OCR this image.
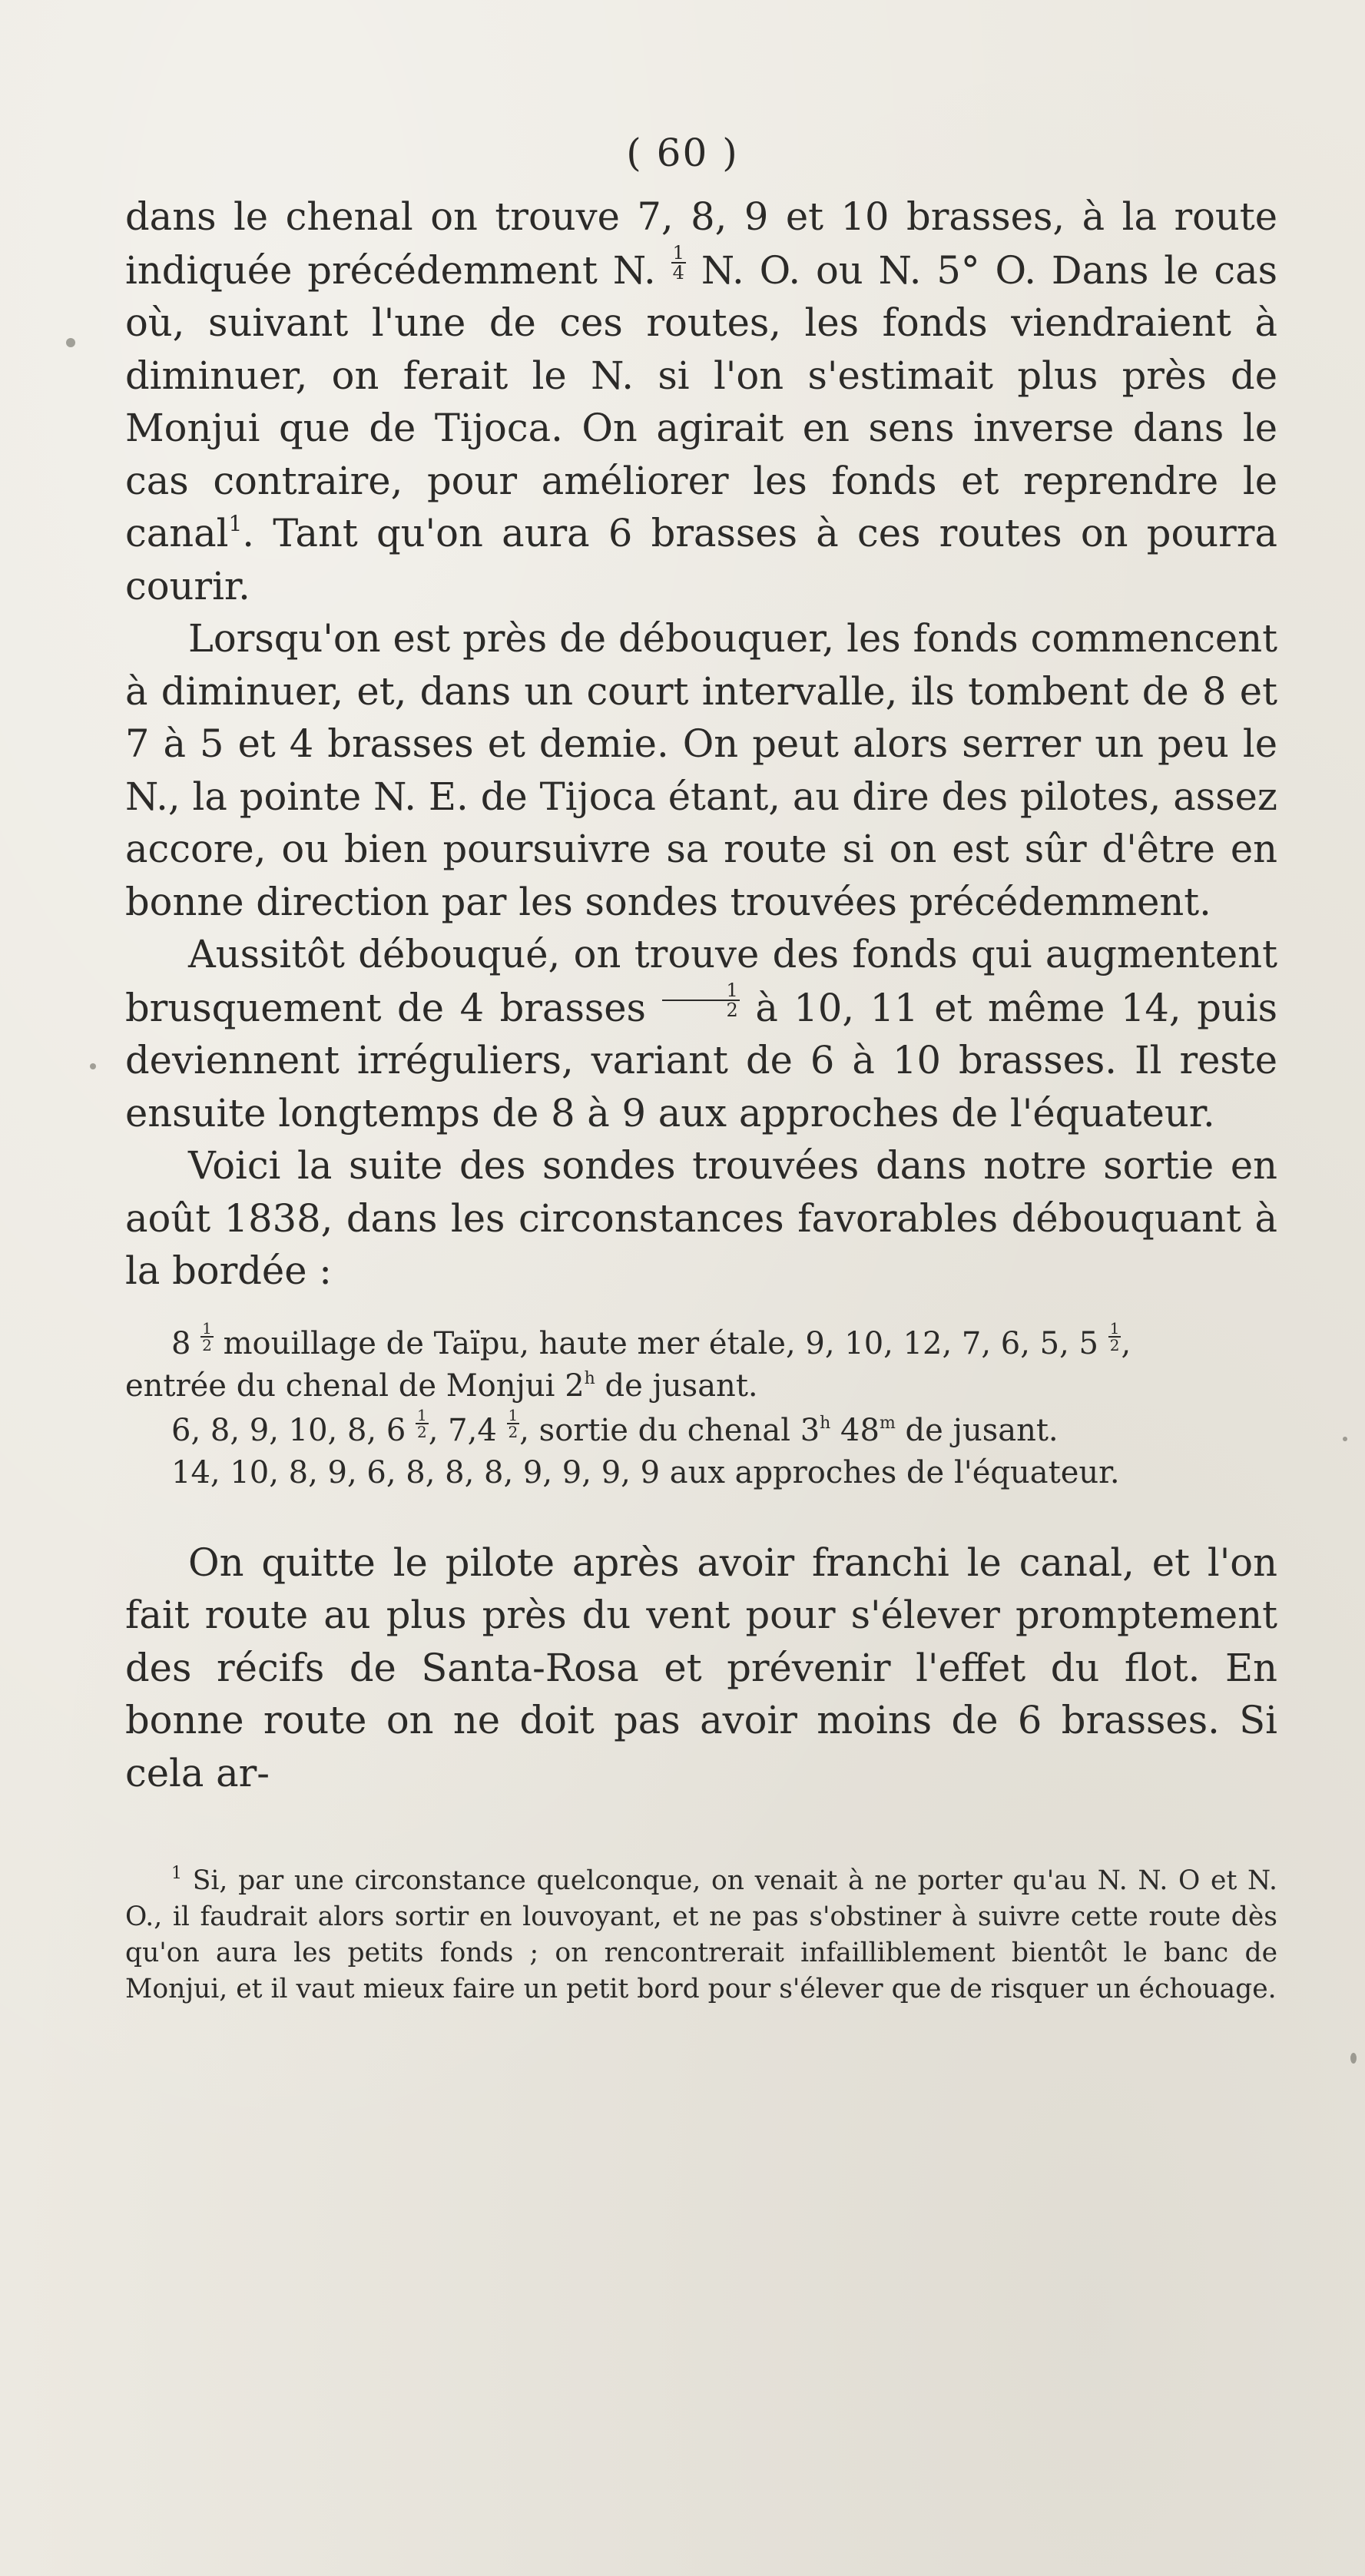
( 60 )

dans le chenal on trouve 7, 8, 9 et 10 brasses, à la route indiquée précédemment N. $\frac{1}{4} N$. O. ou N. 5° O. Dans le cas où, suivant l'une de ces routes, les fonds viendraient à diminuer, on ferait le N. si l'on s'estimait plus près de Monjui que de Tijoca. On agirait en sens inverse dans le cas contraire, pour améliorer les fonds et reprendre le canal$^1$. Tant qu'on aura 6 brasses à ces routes on pourra courir.

Lorsqu'on est près de débouquer, les fonds commencent à diminuer, et, dans un court intervalle, ils tombent de 8 et 7 à 5 et 4 brasses et demie. On peut alors serrer un peu le N., la pointe N. E. de Tijoca étant, au dire des pilotes, assez accore, ou bien poursuivre sa route si on est sûr d'être en bonne direction par les sondes trouvées précédemment.

Aussitôt débouqué, on trouve des fonds qui augmentent brusquement de 4 brasses $\frac{1}{2}$ à 10, 11 et même 14, puis deviennent irréguliers, variant de 6 à 10 brasses. Il reste ensuite longtemps de 8 à 9 aux approches de l'équateur.

Voici la suite des sondes trouvées dans notre sortie en août 1838, dans les circonstances favorables débouquant à la bordée :

$8 \frac{1}{2}$ mouillage de Taïpu, haute mer étale, 9, 10, 12, 7, 6, 5, $5 \frac{1}{2}$ ,
entrée du chenal de Monjui 2$^h$ de jusant.
6, 8, 9, 10, 8, $6 \frac{1}{2}$ , $7,4 \frac{1}{2}$ , sortie du chenal 3$^h$ 48$^m$ de jusant.
14, 10, 8, 9, 6, 8, 8, 8, 9, 9, 9, 9 aux approches de l'équateur.

On quitte le pilote après avoir franchi le canal, et l'on fait route au plus près du vent pour s'élever promptement des récifs de Santa-Rosa et prévenir l'effet du flot. En bonne route on ne doit pas avoir moins de 6 brasses. Si cela ar-

$^1$ Si, par une circonstance quelconque, on venait à ne porter qu'au N. N. O et N. O., il faudrait alors sortir en louvoyant, et ne pas s'obstiner à suivre cette route dès qu'on aura les petits fonds ; on rencontrerait infailliblement bientôt le banc de Monjui, et il vaut mieux faire un petit bord pour s'élever que de risquer un échouage.
